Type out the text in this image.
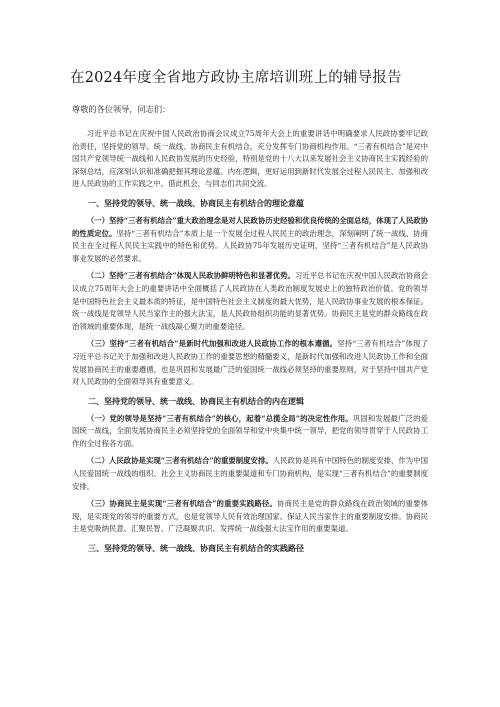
在2024年度全省地方政协主席培训班上的辅导报告

尊敬的各位领导，同志们：

习近平总书记在庆祝中国人民政治协商会议成立75周年大会上的重要讲话中明确要求人民政协要牢记政治责任，坚持党的领导、统一战线、协商民主有机结合，充分发挥专门协商机构作用。“三者有机结合”是对中国共产党领导统一战线和人民政协发展的历史经验，特别是党的十八大以来发展社会主义协商民主实践经验的深刻总结，应深刻认识和准确把握其理论意蕴、内在逻辑，更好运用到新时代发展全过程人民民主、加强和改进人民政协的工作实践之中。借此机会，与同志们共同交流。

一、坚持党的领导、统一战线、协商民主有机结合的理论意蕴

（一）坚持“三者有机结合”重大政治理念是对人民政协历史经验和优良传统的全面总结，体现了人民政协的性质定位。坚持“三者有机结合”本质上是一个发展全过程人民民主的政治理念，深刻阐明了统一战线、协商民主在全过程人民民主实践中的特色和优势。人民政协75年发展历史证明，坚持“三者有机结合”是人民政协事业发展的必然要求。

（二）坚持“三者有机结合”体现人民政协鲜明特色和显著优势。习近平总书记在庆祝中国人民政治协商会议成立75周年大会上的重要讲话中全面概括了人民政协在人类政治制度发展史上的独特政治价值。党的领导是中国特色社会主义最本质的特征，是中国特色社会主义制度的最大优势，是人民政协事业发展的根本保证。统一战线是党领导人民当家作主的强大法宝，是人民政协组织功能的显著优势。协商民主是党的群众路线在政治领域的重要体现，是统一战线凝心聚力的重要途径。

（三）坚持“三者有机结合”是新时代加强和改进人民政协工作的根本遵循。坚持“三者有机结合”体现了习近平总书记关于加强和改进人民政协工作的重要思想的精髓要义，是新时代加强和改进人民政协工作和全面发展协商民主的重要遵循，也是巩固和发展最广泛的爱国统一战线必须坚持的重要原则，对于坚持中国共产党对人民政协的全面领导具有重要意义。

二、坚持党的领导、统一战线、协商民主有机结合的内在逻辑

（一）党的领导是坚持“三者有机结合”的核心，起着“总揽全局”的决定性作用。巩固和发展最广泛的爱国统一战线，全面发展协商民主必须坚持党的全面领导和党中央集中统一领导，把党的领导贯穿于人民政协工作的全过程各方面。

（二）人民政协是实现“三者有机结合”的重要制度安排。人民政协是具有中国特色的制度安排，作为中国人民爱国统一战线的组织、社会主义协商民主的重要渠道和专门协商机构，是实现“三者有机结合”的重要制度安排。

（三）协商民主是实现“三者有机结合”的重要实践路径。协商民主是党的群众路线在政治领域的重要体现，是实现党的领导的重要方式，也是党领导人民有效治理国家、保证人民当家作主的重要制度安排。协商民主是党吸纳民意、汇聚民智、广泛凝聚共识、发挥统一战线强大法宝作用的重要渠道。

三、坚持党的领导、统一战线、协商民主有机结合的实践路径
